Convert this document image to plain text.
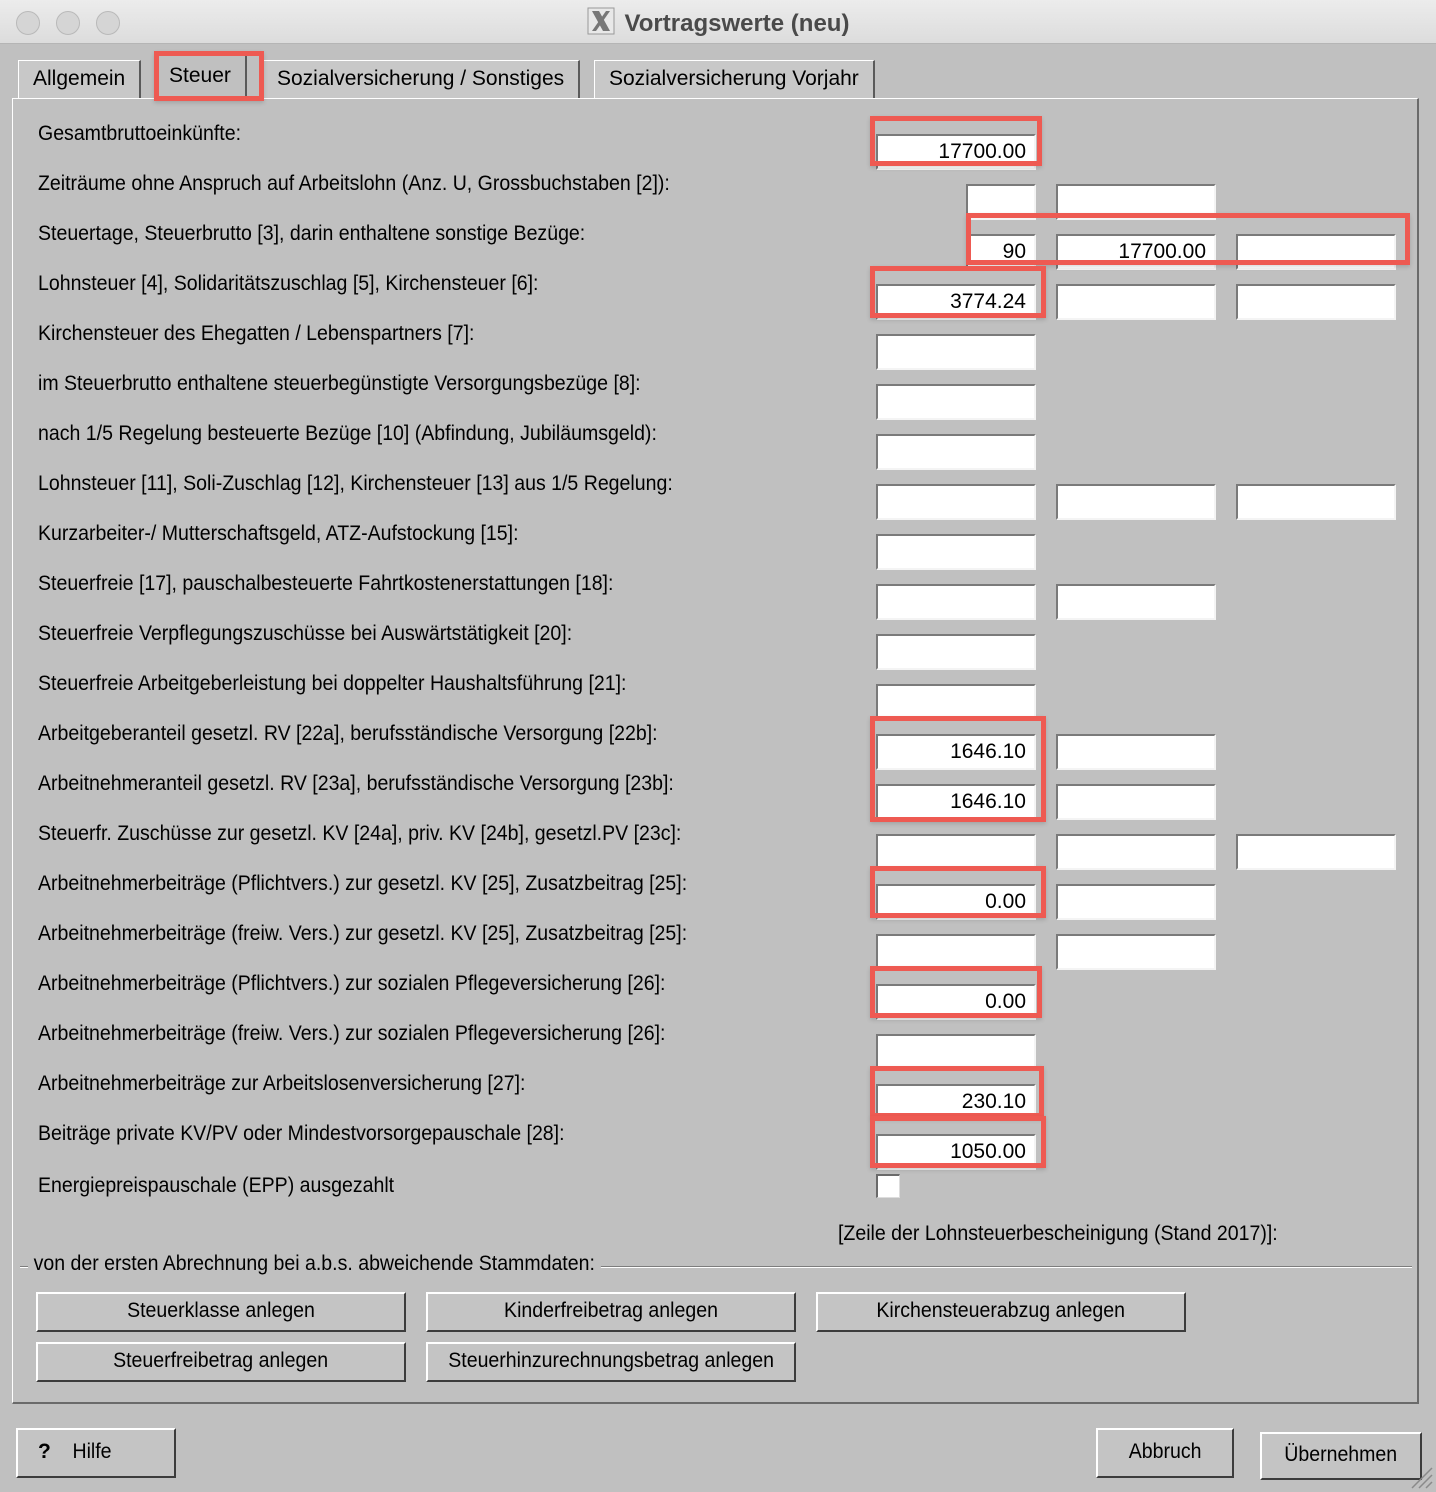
Vortragswerte (neu)
Allgemein	Steuer	Sozialversicherung / Sonstiges	Sozialversicherung Vorjahr
Gesamtbruttoeinkünfte:
17700.00
Zeiträume ohne Anspruch auf Arbeitslohn (Anz. U, Grossbuchstaben [2]):
Steuertage, Steuerbrutto [3], darin enthaltene sonstige Bezüge:
90	17700.00
Lohnsteuer [4], Solidaritätszuschlag [5], Kirchensteuer [6]:
3774.24
Kirchensteuer des Ehegatten / Lebenspartners [7]:
im Steuerbrutto enthaltene steuerbegünstigte Versorgungsbezüge [8]:
nach 1/5 Regelung besteuerte Bezüge [10] (Abfindung, Jubiläumsgeld):
Lohnsteuer [11], Soli-Zuschlag [12], Kirchensteuer [13] aus 1/5 Regelung:
Kurzarbeiter-/ Mutterschaftsgeld, ATZ-Aufstockung [15]:
Steuerfreie [17], pauschalbesteuerte Fahrtkostenerstattungen [18]:
Steuerfreie Verpflegungszuschüsse bei Auswärtstätigkeit [20]:
Steuerfreie Arbeitgeberleistung bei doppelter Haushaltsführung [21]:
Arbeitgeberanteil gesetzl. RV [22a], berufsständische Versorgung [22b]:
1646.10
Arbeitnehmeranteil gesetzl. RV [23a], berufsständische Versorgung [23b]:
1646.10
Steuerfr. Zuschüsse zur gesetzl. KV [24a], priv. KV [24b], gesetzl.PV [23c]:
Arbeitnehmerbeiträge (Pflichtvers.) zur gesetzl. KV [25], Zusatzbeitrag [25]:
0.00
Arbeitnehmerbeiträge (freiw. Vers.) zur gesetzl. KV [25], Zusatzbeitrag [25]:
Arbeitnehmerbeiträge (Pflichtvers.) zur sozialen Pflegeversicherung [26]:
0.00
Arbeitnehmerbeiträge (freiw. Vers.) zur sozialen Pflegeversicherung [26]:
Arbeitnehmerbeiträge zur Arbeitslosenversicherung [27]:
230.10
Beiträge private KV/PV oder Mindestvorsorgepauschale [28]:
1050.00
Energiepreispauschale (EPP) ausgezahlt
[Zeile der Lohnsteuerbescheinigung (Stand 2017)]:
von der ersten Abrechnung bei a.b.s. abweichende Stammdaten:
Steuerklasse anlegen	Kinderfreibetrag anlegen	Kirchensteuerabzug anlegen
Steuerfreibetrag anlegen	Steuerhinzurechnungsbetrag anlegen
? Hilfe	Abbruch	Übernehmen
